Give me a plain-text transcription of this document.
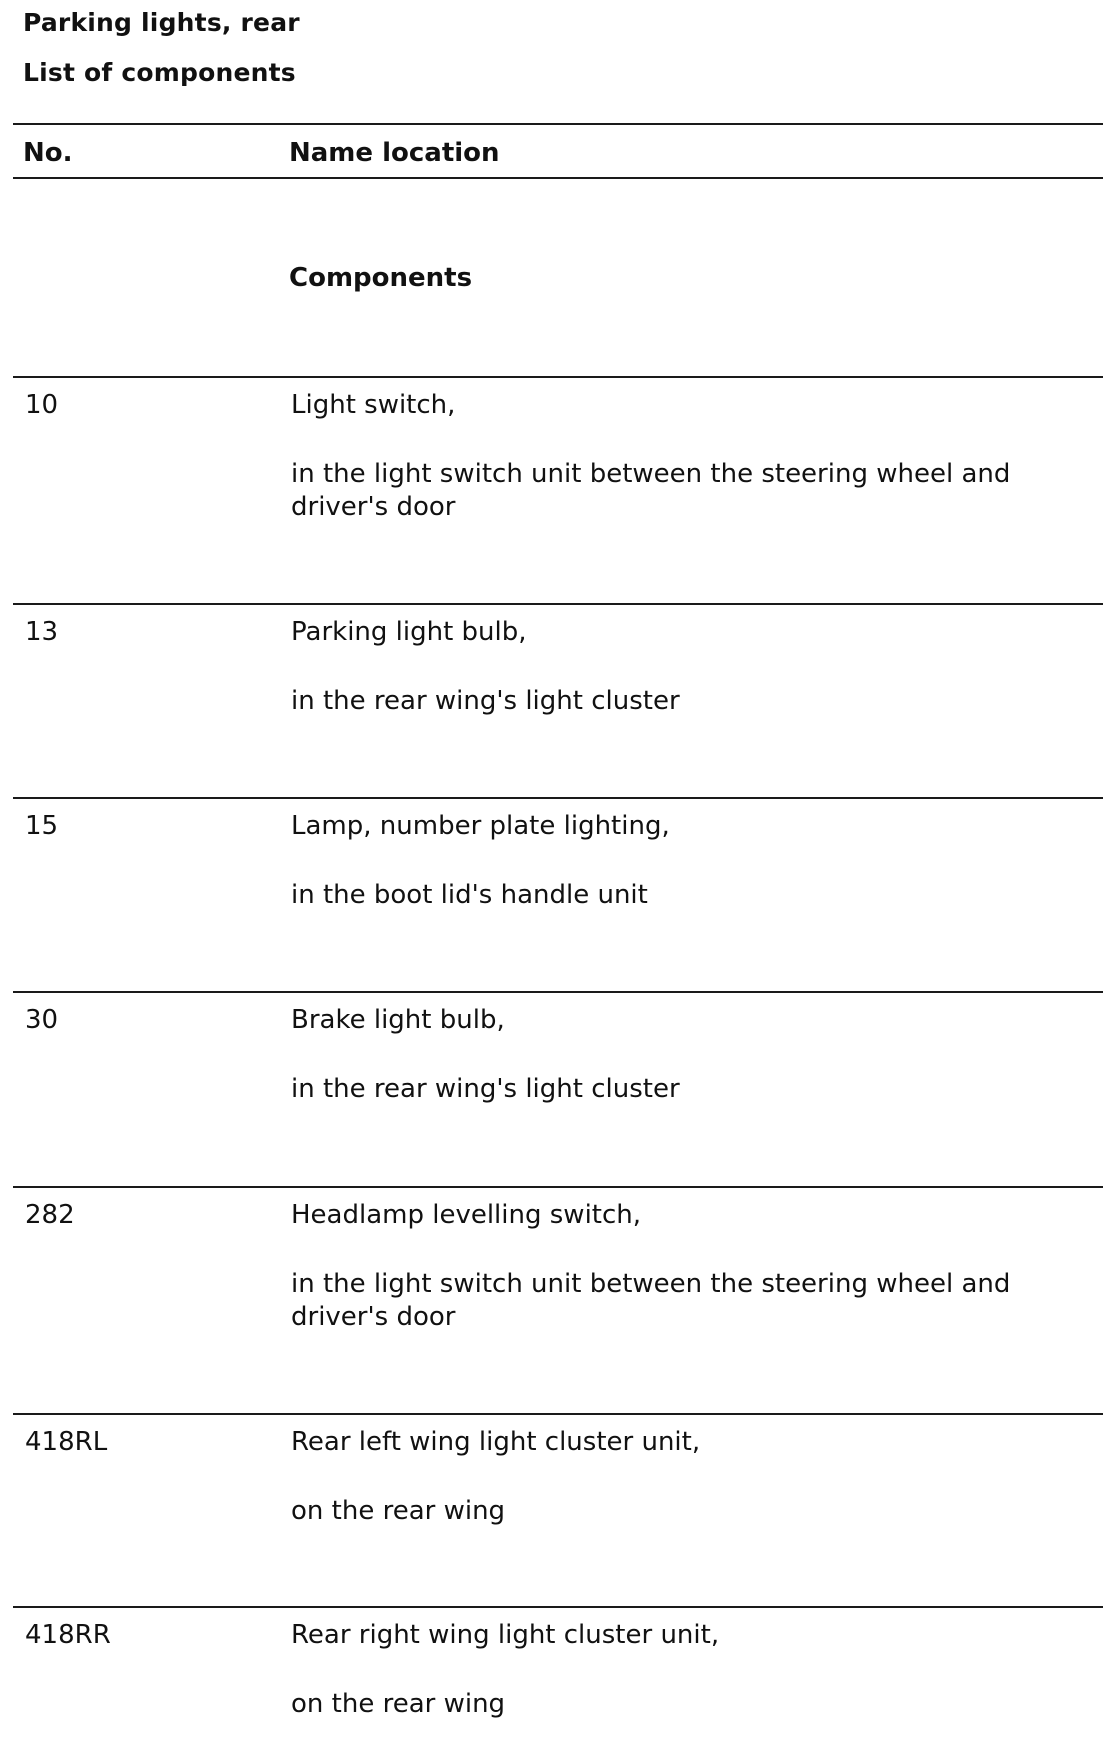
Parking lights, rear
List of components
No.	Name location
Components
10	Light switch,
in the light switch unit between the steering wheel and driver's door
13	Parking light bulb,
in the rear wing's light cluster
15	Lamp, number plate lighting,
in the boot lid's handle unit
30	Brake light bulb,
in the rear wing's light cluster
282	Headlamp levelling switch,
in the light switch unit between the steering wheel and driver's door
418RL	Rear left wing light cluster unit,
on the rear wing
418RR	Rear right wing light cluster unit,
on the rear wing
